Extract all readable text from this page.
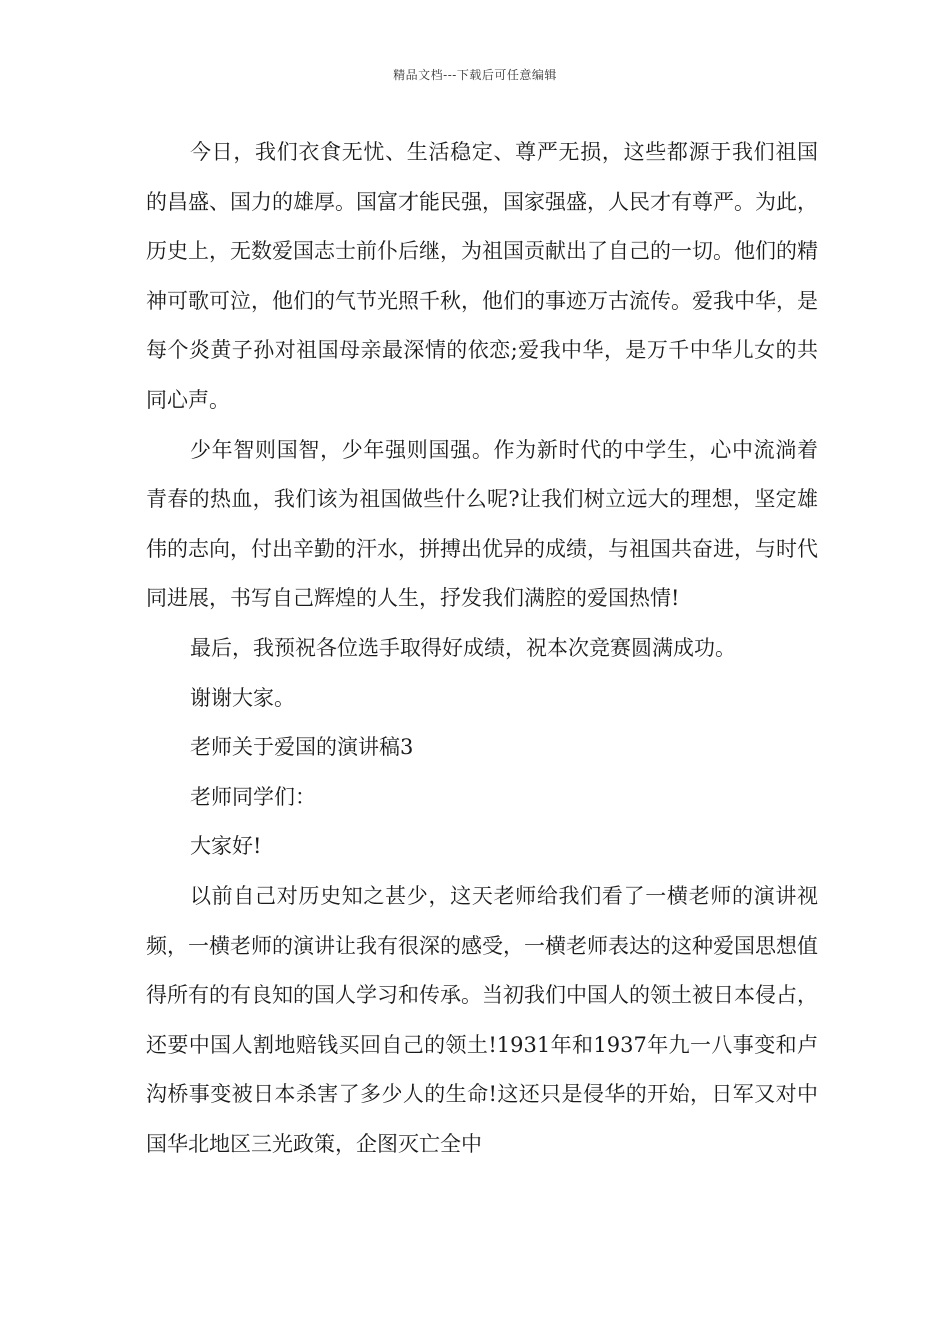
精品文档---下载后可任意编辑

今日，我们衣食无忧、生活稳定、尊严无损，这些都源于我们祖国的昌盛、国力的雄厚。国富才能民强，国家强盛，人民才有尊严。为此，历史上，无数爱国志士前仆后继，为祖国贡献出了自己的一切。他们的精神可歌可泣，他们的气节光照千秋，他们的事迹万古流传。爱我中华，是每个炎黄子孙对祖国母亲最深情的依恋;爱我中华，是万千中华儿女的共同心声。

少年智则国智，少年强则国强。作为新时代的中学生，心中流淌着青春的热血，我们该为祖国做些什么呢?让我们树立远大的理想，坚定雄伟的志向，付出辛勤的汗水，拼搏出优异的成绩，与祖国共奋进，与时代同进展，书写自己辉煌的人生，抒发我们满腔的爱国热情!

最后，我预祝各位选手取得好成绩，祝本次竞赛圆满成功。

谢谢大家。

老师关于爱国的演讲稿3

老师同学们：

大家好!

以前自己对历史知之甚少，这天老师给我们看了一横老师的演讲视频，一横老师的演讲让我有很深的感受，一横老师表达的这种爱国思想值得所有的有良知的国人学习和传承。当初我们中国人的领土被日本侵占，还要中国人割地赔钱买回自己的领土!1931年和1937年九一八事变和卢沟桥事变被日本杀害了多少人的生命!这还只是侵华的开始，日军又对中国华北地区三光政策，企图灭亡全中
